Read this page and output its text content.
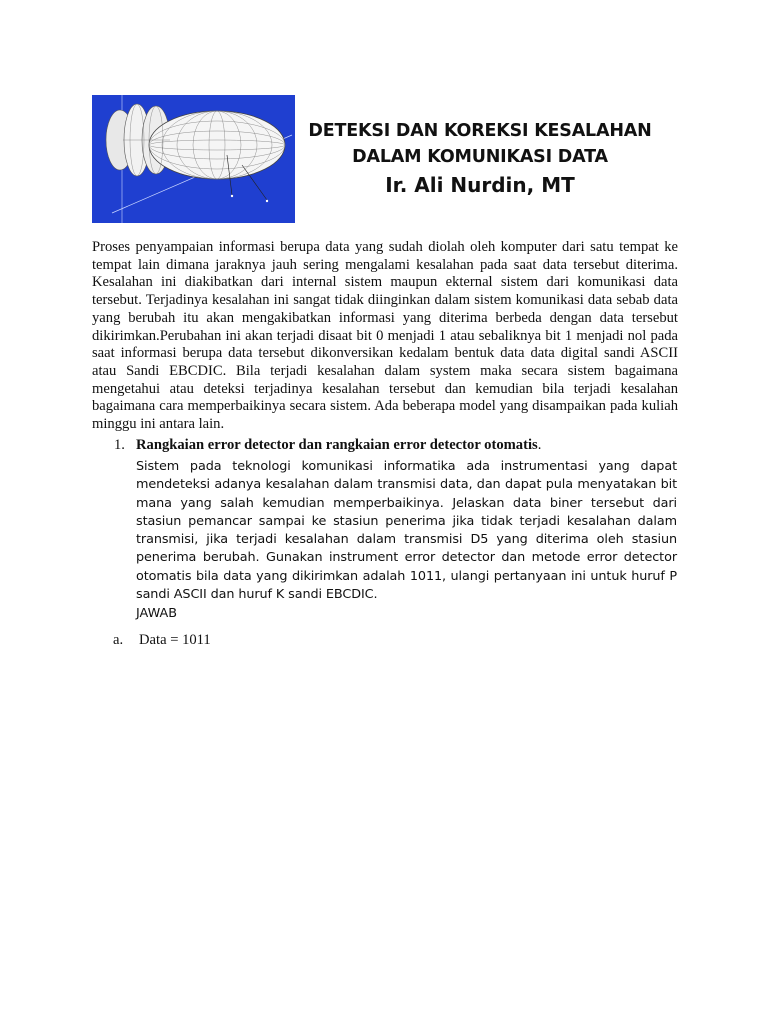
DETEKSI DAN KOREKSI KESALAHAN
DALAM KOMUNIKASI DATA
Ir. Ali Nurdin, MT
Proses penyampaian informasi berupa data yang sudah diolah oleh komputer dari satu tempat ke tempat lain dimana jaraknya jauh sering mengalami kesalahan pada saat data tersebut diterima. Kesalahan ini diakibatkan dari internal sistem maupun ekternal sistem dari komunikasi data tersebut. Terjadinya kesalahan ini sangat tidak diinginkan dalam sistem komunikasi data sebab data yang berubah itu akan mengakibatkan informasi yang diterima berbeda dengan data tersebut dikirimkan.Perubahan ini akan terjadi disaat bit 0 menjadi 1 atau sebaliknya bit 1 menjadi nol pada saat informasi berupa data tersebut dikonversikan kedalam bentuk data data digital sandi ASCII atau Sandi EBCDIC. Bila terjadi kesalahan dalam system maka secara sistem bagaimana mengetahui atau deteksi terjadinya kesalahan tersebut dan kemudian bila terjadi kesalahan bagaimana cara memperbaikinya secara sistem. Ada beberapa model yang disampaikan pada kuliah minggu ini antara lain.
1. Rangkaian error detector dan rangkaian error detector otomatis.
Sistem pada teknologi komunikasi informatika ada instrumentasi yang dapat mendeteksi adanya kesalahan dalam transmisi data, dan dapat pula menyatakan bit mana yang salah kemudian memperbaikinya. Jelaskan data biner tersebut dari stasiun pemancar sampai ke stasiun penerima jika tidak terjadi kesalahan dalam transmisi, jika terjadi kesalahan dalam transmisi D5 yang diterima oleh stasiun penerima berubah. Gunakan instrument error detector dan metode error detector otomatis bila data yang dikirimkan adalah 1011, ulangi pertanyaan ini untuk huruf P sandi ASCII dan huruf K sandi EBCDIC.
JAWAB
a. Data = 1011
